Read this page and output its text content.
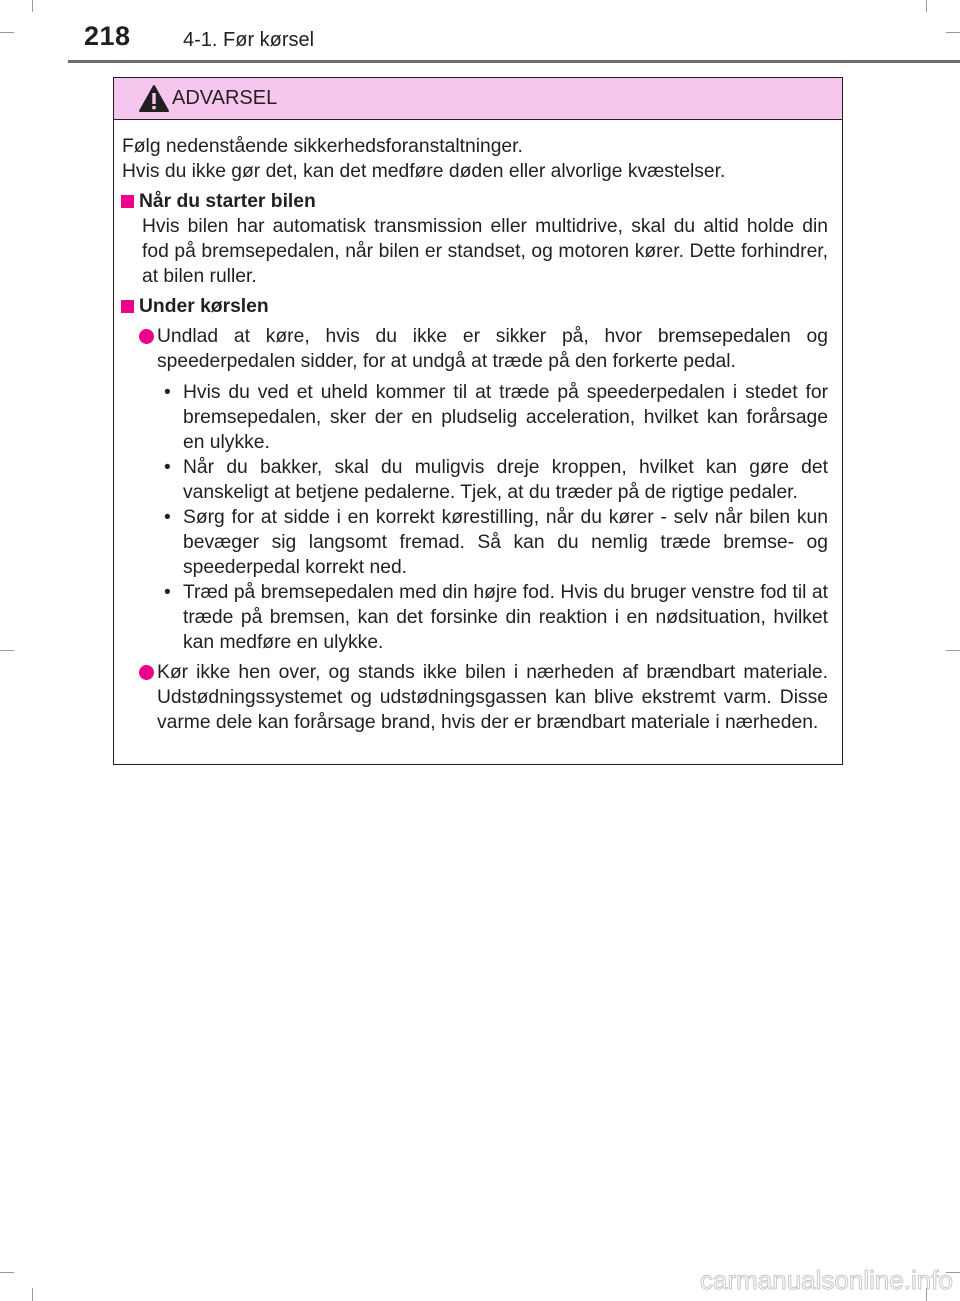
218	4-1. Før kørsel
ADVARSEL

Følg nedenstående sikkerhedsforanstaltninger.

Hvis du ikke gør det, kan det medføre døden eller alvorlige kvæstelser.

Når du starter bilen
Hvis bilen har automatisk transmission eller multidrive, skal du altid holde din fod på bremsepedalen, når bilen er standset, og motoren kører. Dette forhindrer, at bilen ruller.
Under kørslen
Undlad at køre, hvis du ikke er sikker på, hvor bremsepedalen og speederpedalen sidder, for at undgå at træde på den forkerte pedal.
• Hvis du ved et uheld kommer til at træde på speederpedalen i stedet for bremsepedalen, sker der en pludselig acceleration, hvilket kan forårsage en ulykke.
• Når du bakker, skal du muligvis dreje kroppen, hvilket kan gøre det vanskeligt at betjene pedalerne. Tjek, at du træder på de rigtige pedaler.
• Sørg for at sidde i en korrekt kørestilling, når du kører - selv når bilen kun bevæger sig langsomt fremad. Så kan du nemlig træde bremse- og speederpedal korrekt ned.
• Træd på bremsepedalen med din højre fod. Hvis du bruger venstre fod til at træde på bremsen, kan det forsinke din reaktion i en nødsituation, hvilket kan medføre en ulykke.
Kør ikke hen over, og stands ikke bilen i nærheden af brændbart materiale. Udstødningssystemet og udstødningsgassen kan blive ekstremt varm. Disse varme dele kan forårsage brand, hvis der er brændbart materiale i nærheden.
carmanualsonline.info
